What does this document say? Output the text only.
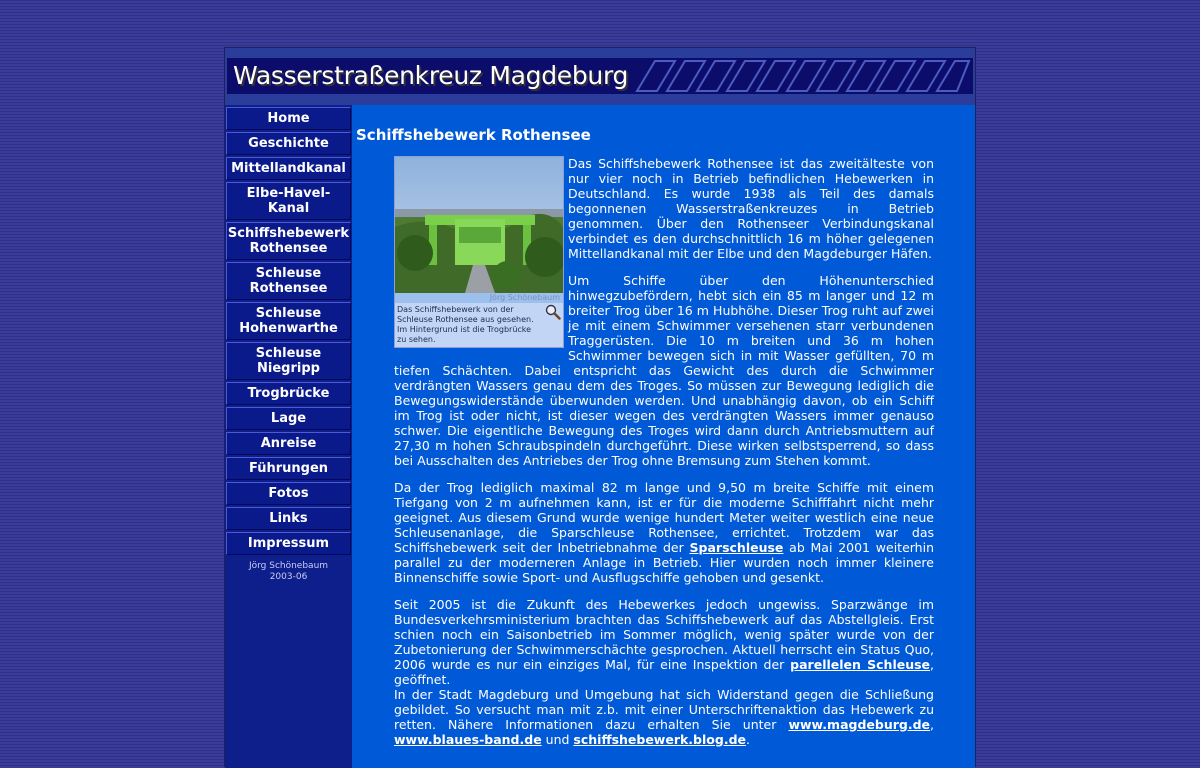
Wasserstraßenkreuz Magdeburg
Home
Geschichte
Mittellandkanal
Elbe-Havel-Kanal
Schiffshebewerk Rothensee
Schleuse Rothensee
Schleuse Hohenwarthe
Schleuse Niegripp
Trogbrücke
Lage
Anreise
Führungen
Fotos
Links
Impressum
Jörg Schönebaum
2003-06
Schiffshebewerk Rothensee
Jörg Schönebaum
Das Schiffshebewerk von der Schleuse Rothensee aus gesehen. Im Hintergrund ist die Trogbrücke zu sehen.

Das Schiffshebewerk Rothensee ist das zweitälteste von nur vier noch in Betrieb befindlichen Hebewerken in Deutschland. Es wurde 1938 als Teil des damals begonnenen Wasserstraßenkreuzes in Betrieb genommen. Über den Rothenseer Verbindungskanal verbindet es den durchschnittlich 16 m höher gelegenen Mittellandkanal mit der Elbe und den Magdeburger Häfen.

Um Schiffe über den Höhenunterschied hinwegzubefördern, hebt sich ein 85 m langer und 12 m breiter Trog über 16 m Hubhöhe. Dieser Trog ruht auf zwei je mit einem Schwimmer versehenen starr verbundenen Traggerüsten. Die 10 m breiten und 36 m hohen Schwimmer bewegen sich in mit Wasser gefüllten, 70 m tiefen Schächten. Dabei entspricht das Gewicht des durch die Schwimmer verdrängten Wassers genau dem des Troges. So müssen zur Bewegung lediglich die Bewegungswiderstände überwunden werden. Und unabhängig davon, ob ein Schiff im Trog ist oder nicht, ist dieser wegen des verdrängten Wassers immer genauso schwer. Die eigentliche Bewegung des Troges wird dann durch Antriebsmuttern auf 27,30 m hohen Schraubspindeln durchgeführt. Diese wirken selbstsperrend, so dass bei Ausschalten des Antriebes der Trog ohne Bremsung zum Stehen kommt.

Da der Trog lediglich maximal 82 m lange und 9,50 m breite Schiffe mit einem Tiefgang von 2 m aufnehmen kann, ist er für die moderne Schifffahrt nicht mehr geeignet. Aus diesem Grund wurde wenige hundert Meter weiter westlich eine neue Schleusenanlage, die Sparschleuse Rothensee, errichtet. Trotzdem war das Schiffshebewerk seit der Inbetriebnahme der Sparschleuse ab Mai 2001 weiterhin parallel zu der moderneren Anlage in Betrieb. Hier wurden noch immer kleinere Binnenschiffe sowie Sport- und Ausflugschiffe gehoben und gesenkt.

Seit 2005 ist die Zukunft des Hebewerkes jedoch ungewiss. Sparzwänge im Bundesverkehrsministerium brachten das Schiffshebewerk auf das Abstellgleis. Erst schien noch ein Saisonbetrieb im Sommer möglich, wenig später wurde von der Zubetonierung der Schwimmerschächte gesprochen. Aktuell herrscht ein Status Quo, 2006 wurde es nur ein einziges Mal, für eine Inspektion der parellelen Schleuse, geöffnet.

In der Stadt Magdeburg und Umgebung hat sich Widerstand gegen die Schließung gebildet. So versucht man mit z.b. mit einer Unterschriftenaktion das Hebewerk zu retten. Nähere Informationen dazu erhalten Sie unter www.magdeburg.de, www.blaues-band.de und schiffshebewerk.blog.de.
